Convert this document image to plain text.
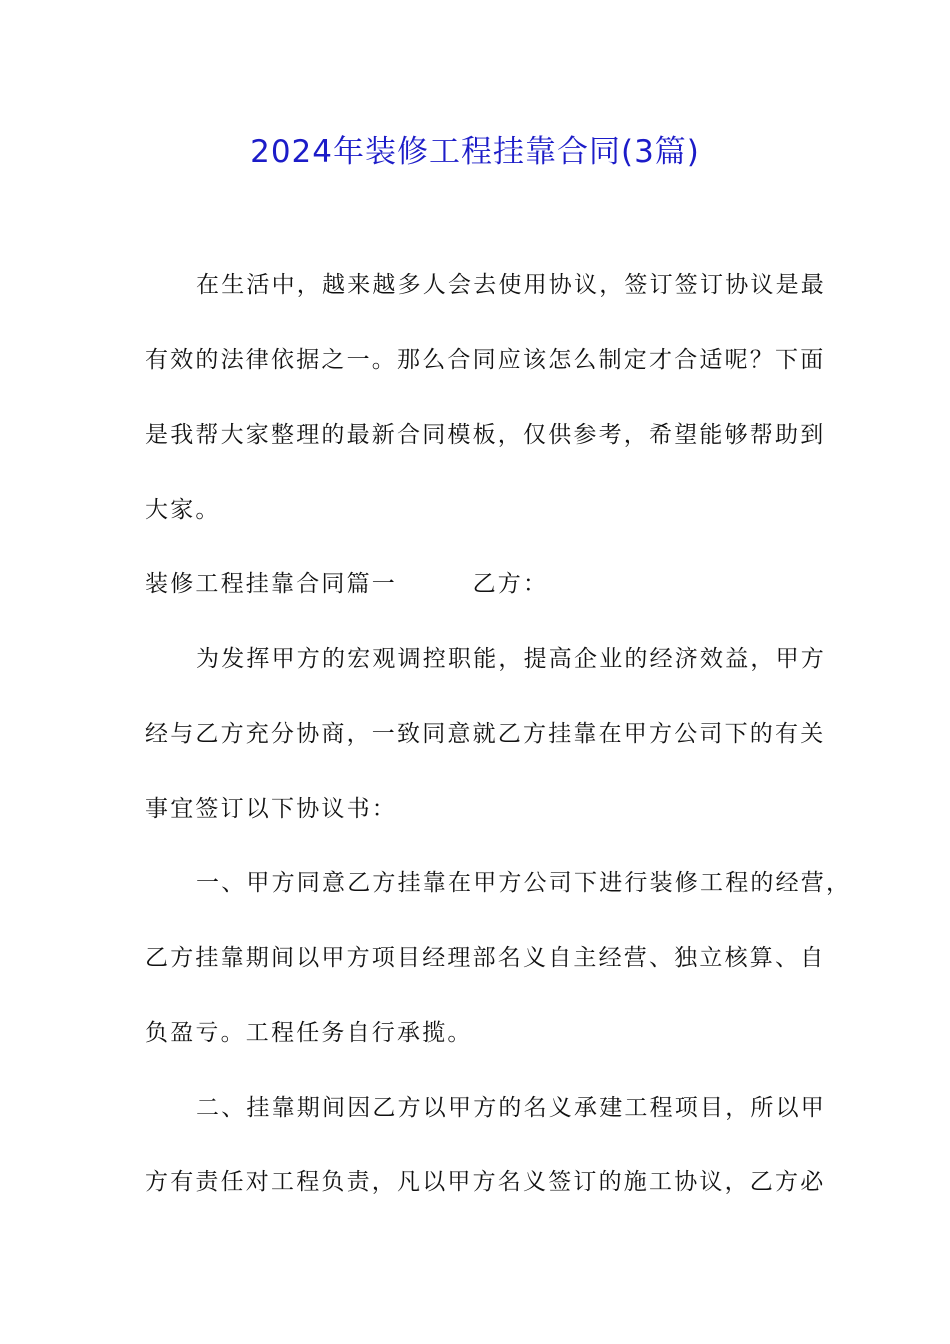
2024年装修工程挂靠合同(3篇)
在生活中，越来越多人会去使用协议，签订签订协议是最
有效的法律依据之一。那么合同应该怎么制定才合适呢？下面
是我帮大家整理的最新合同模板，仅供参考，希望能够帮助到
大家。
装修工程挂靠合同篇一　　　乙方：
为发挥甲方的宏观调控职能，提高企业的经济效益，甲方
经与乙方充分协商，一致同意就乙方挂靠在甲方公司下的有关
事宜签订以下协议书：
一、甲方同意乙方挂靠在甲方公司下进行装修工程的经营，
乙方挂靠期间以甲方项目经理部名义自主经营、独立核算、自
负盈亏。工程任务自行承揽。
二、挂靠期间因乙方以甲方的名义承建工程项目，所以甲
方有责任对工程负责，凡以甲方名义签订的施工协议，乙方必
